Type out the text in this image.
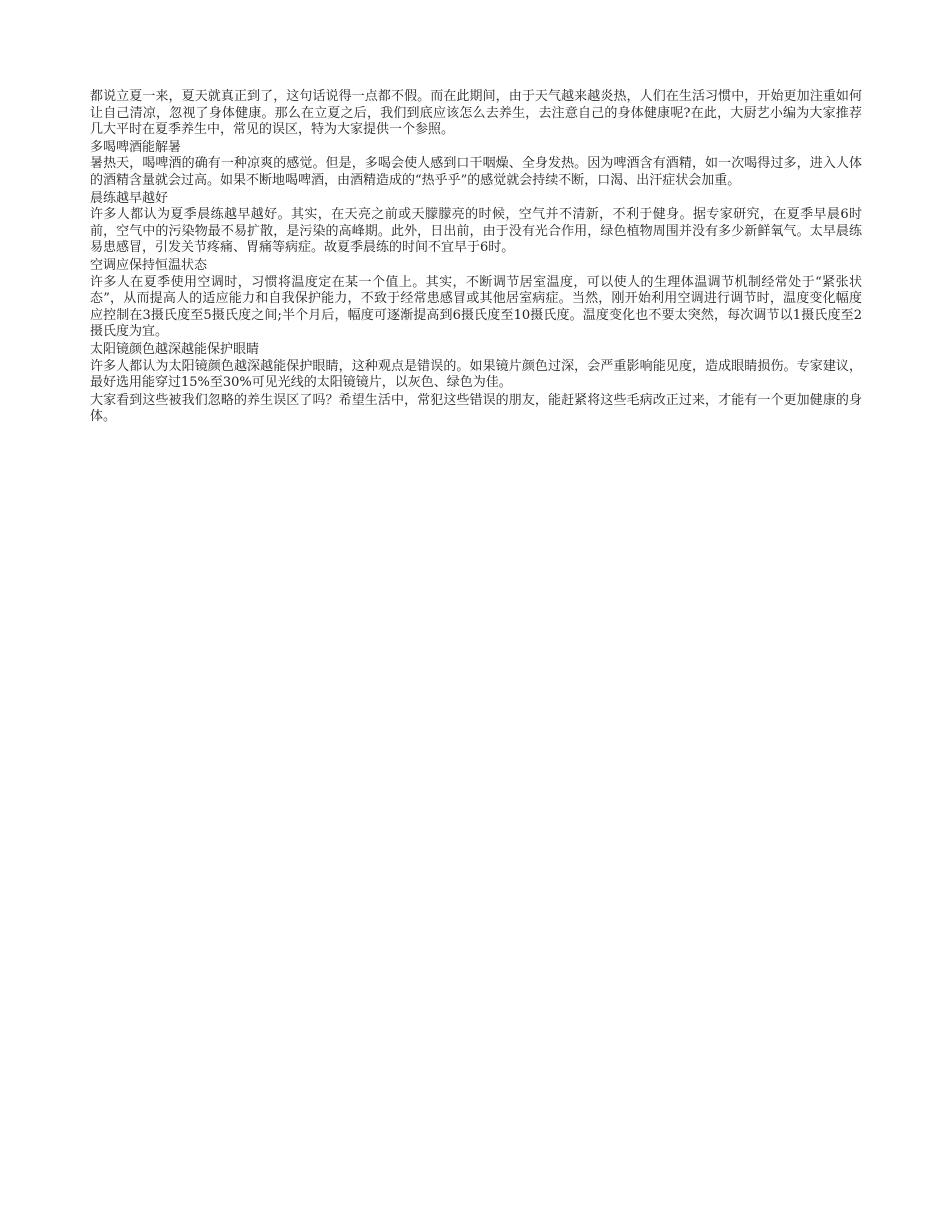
都说立夏一来，夏天就真正到了，这句话说得一点都不假。而在此期间，由于天气越来越炎热，人们在生活习惯中，开始更加注重如何让自己清凉，忽视了身体健康。那么在立夏之后，我们到底应该怎么去养生，去注意自己的身体健康呢?在此，大厨艺小编为大家推荐几大平时在夏季养生中，常见的误区，特为大家提供一个参照。

多喝啤酒能解暑

暑热天，喝啤酒的确有一种凉爽的感觉。但是，多喝会使人感到口干咽燥、全身发热。因为啤酒含有酒精，如一次喝得过多，进入人体的酒精含量就会过高。如果不断地喝啤酒，由酒精造成的“热乎乎”的感觉就会持续不断，口渴、出汗症状会加重。

晨练越早越好

许多人都认为夏季晨练越早越好。其实，在天亮之前或天朦朦亮的时候，空气并不清新，不利于健身。据专家研究，在夏季早晨6时前，空气中的污染物最不易扩散，是污染的高峰期。此外，日出前，由于没有光合作用，绿色植物周围并没有多少新鲜氧气。太早晨练易患感冒，引发关节疼痛、胃痛等病症。故夏季晨练的时间不宜早于6时。

空调应保持恒温状态

许多人在夏季使用空调时，习惯将温度定在某一个值上。其实，不断调节居室温度，可以使人的生理体温调节机制经常处于“紧张状态”，从而提高人的适应能力和自我保护能力，不致于经常患感冒或其他居室病症。当然，刚开始利用空调进行调节时，温度变化幅度应控制在3摄氏度至5摄氏度之间;半个月后，幅度可逐渐提高到6摄氏度至10摄氏度。温度变化也不要太突然，每次调节以1摄氏度至2摄氏度为宜。

太阳镜颜色越深越能保护眼睛

许多人都认为太阳镜颜色越深越能保护眼睛，这种观点是错误的。如果镜片颜色过深，会严重影响能见度，造成眼睛损伤。专家建议，最好选用能穿过15%至30%可见光线的太阳镜镜片，以灰色、绿色为佳。

大家看到这些被我们忽略的养生误区了吗？希望生活中，常犯这些错误的朋友，能赶紧将这些毛病改正过来，才能有一个更加健康的身体。
